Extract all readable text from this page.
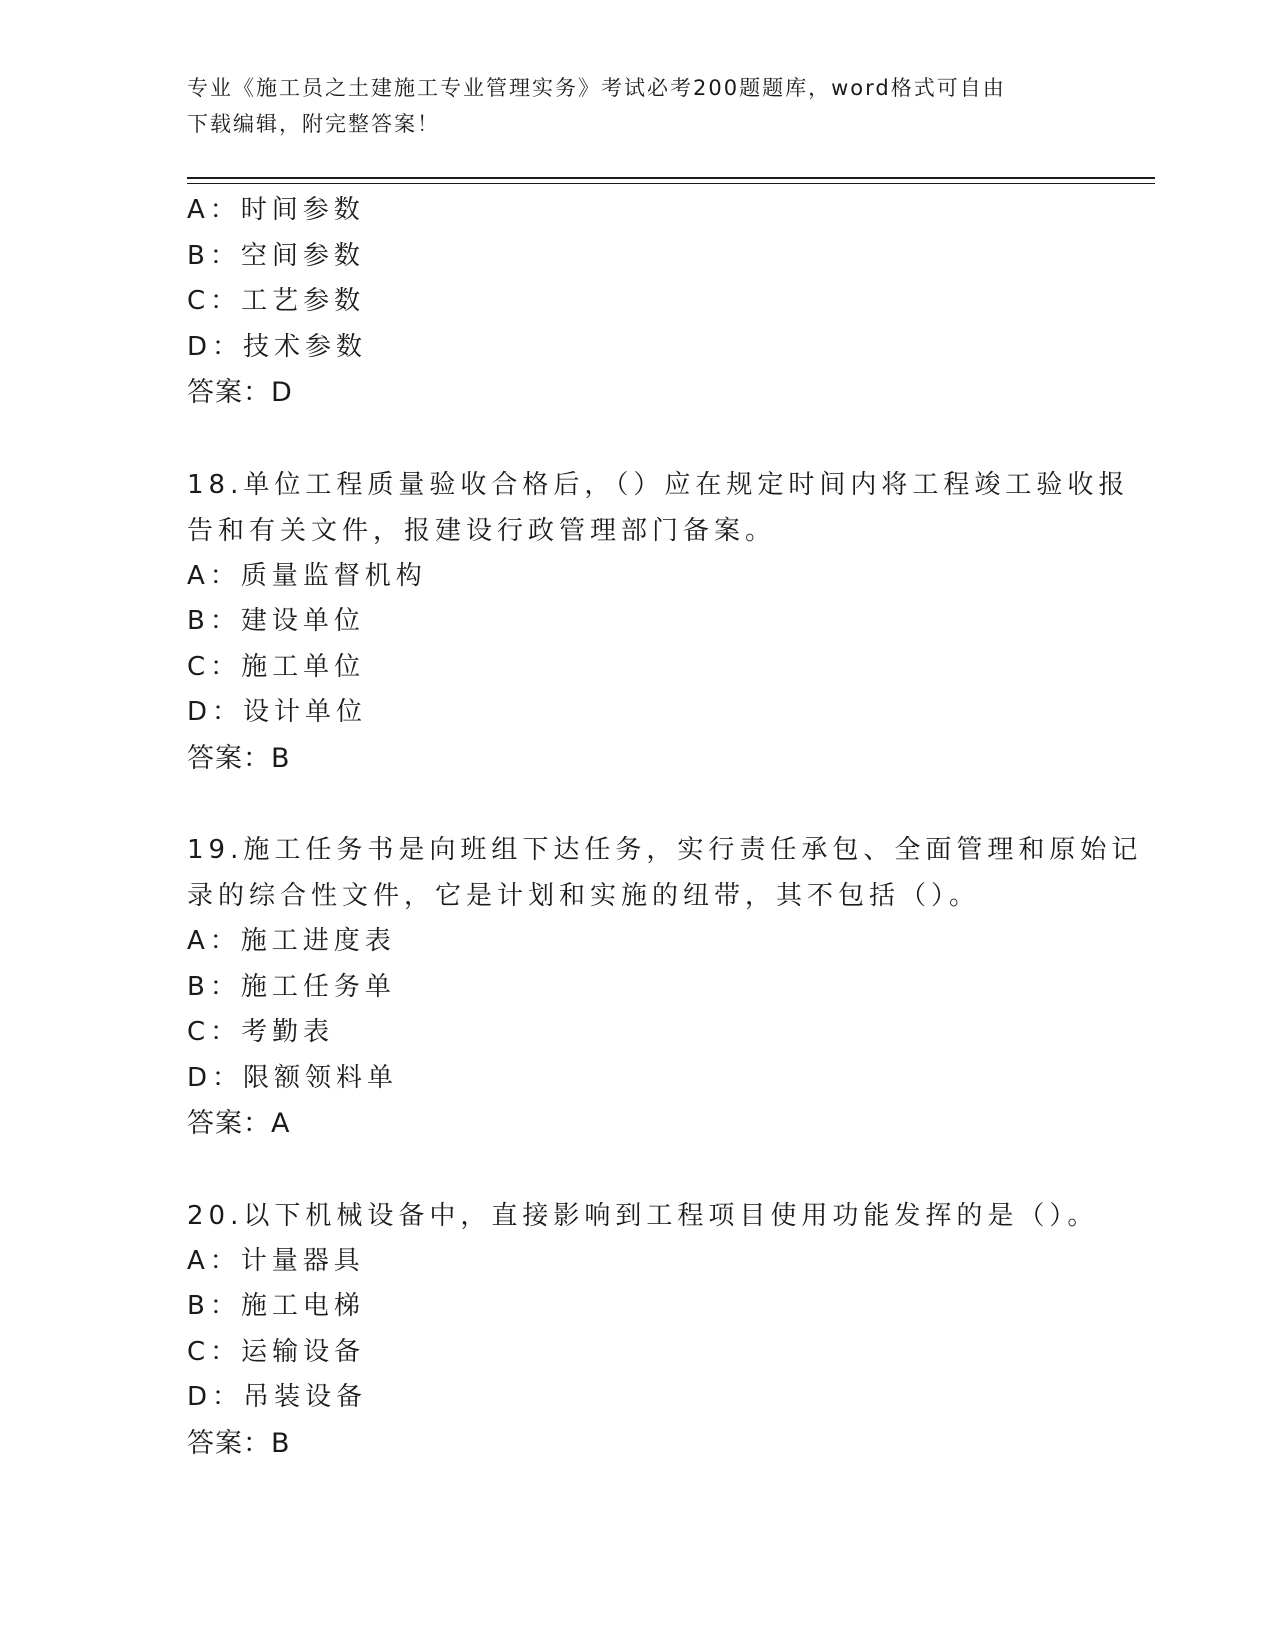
专业《施工员之土建施工专业管理实务》考试必考200题题库，word格式可自由
下载编辑，附完整答案！
A：时间参数
B：空间参数
C：工艺参数
D：技术参数
答案：D
18.单位工程质量验收合格后，（）应在规定时间内将工程竣工验收报
告和有关文件，报建设行政管理部门备案。
A：质量监督机构
B：建设单位
C：施工单位
D：设计单位
答案：B
19.施工任务书是向班组下达任务，实行责任承包、全面管理和原始记
录的综合性文件，它是计划和实施的纽带，其不包括（）。
A：施工进度表
B：施工任务单
C：考勤表
D：限额领料单
答案：A
20.以下机械设备中，直接影响到工程项目使用功能发挥的是（）。
A：计量器具
B：施工电梯
C：运输设备
D：吊装设备
答案：B
